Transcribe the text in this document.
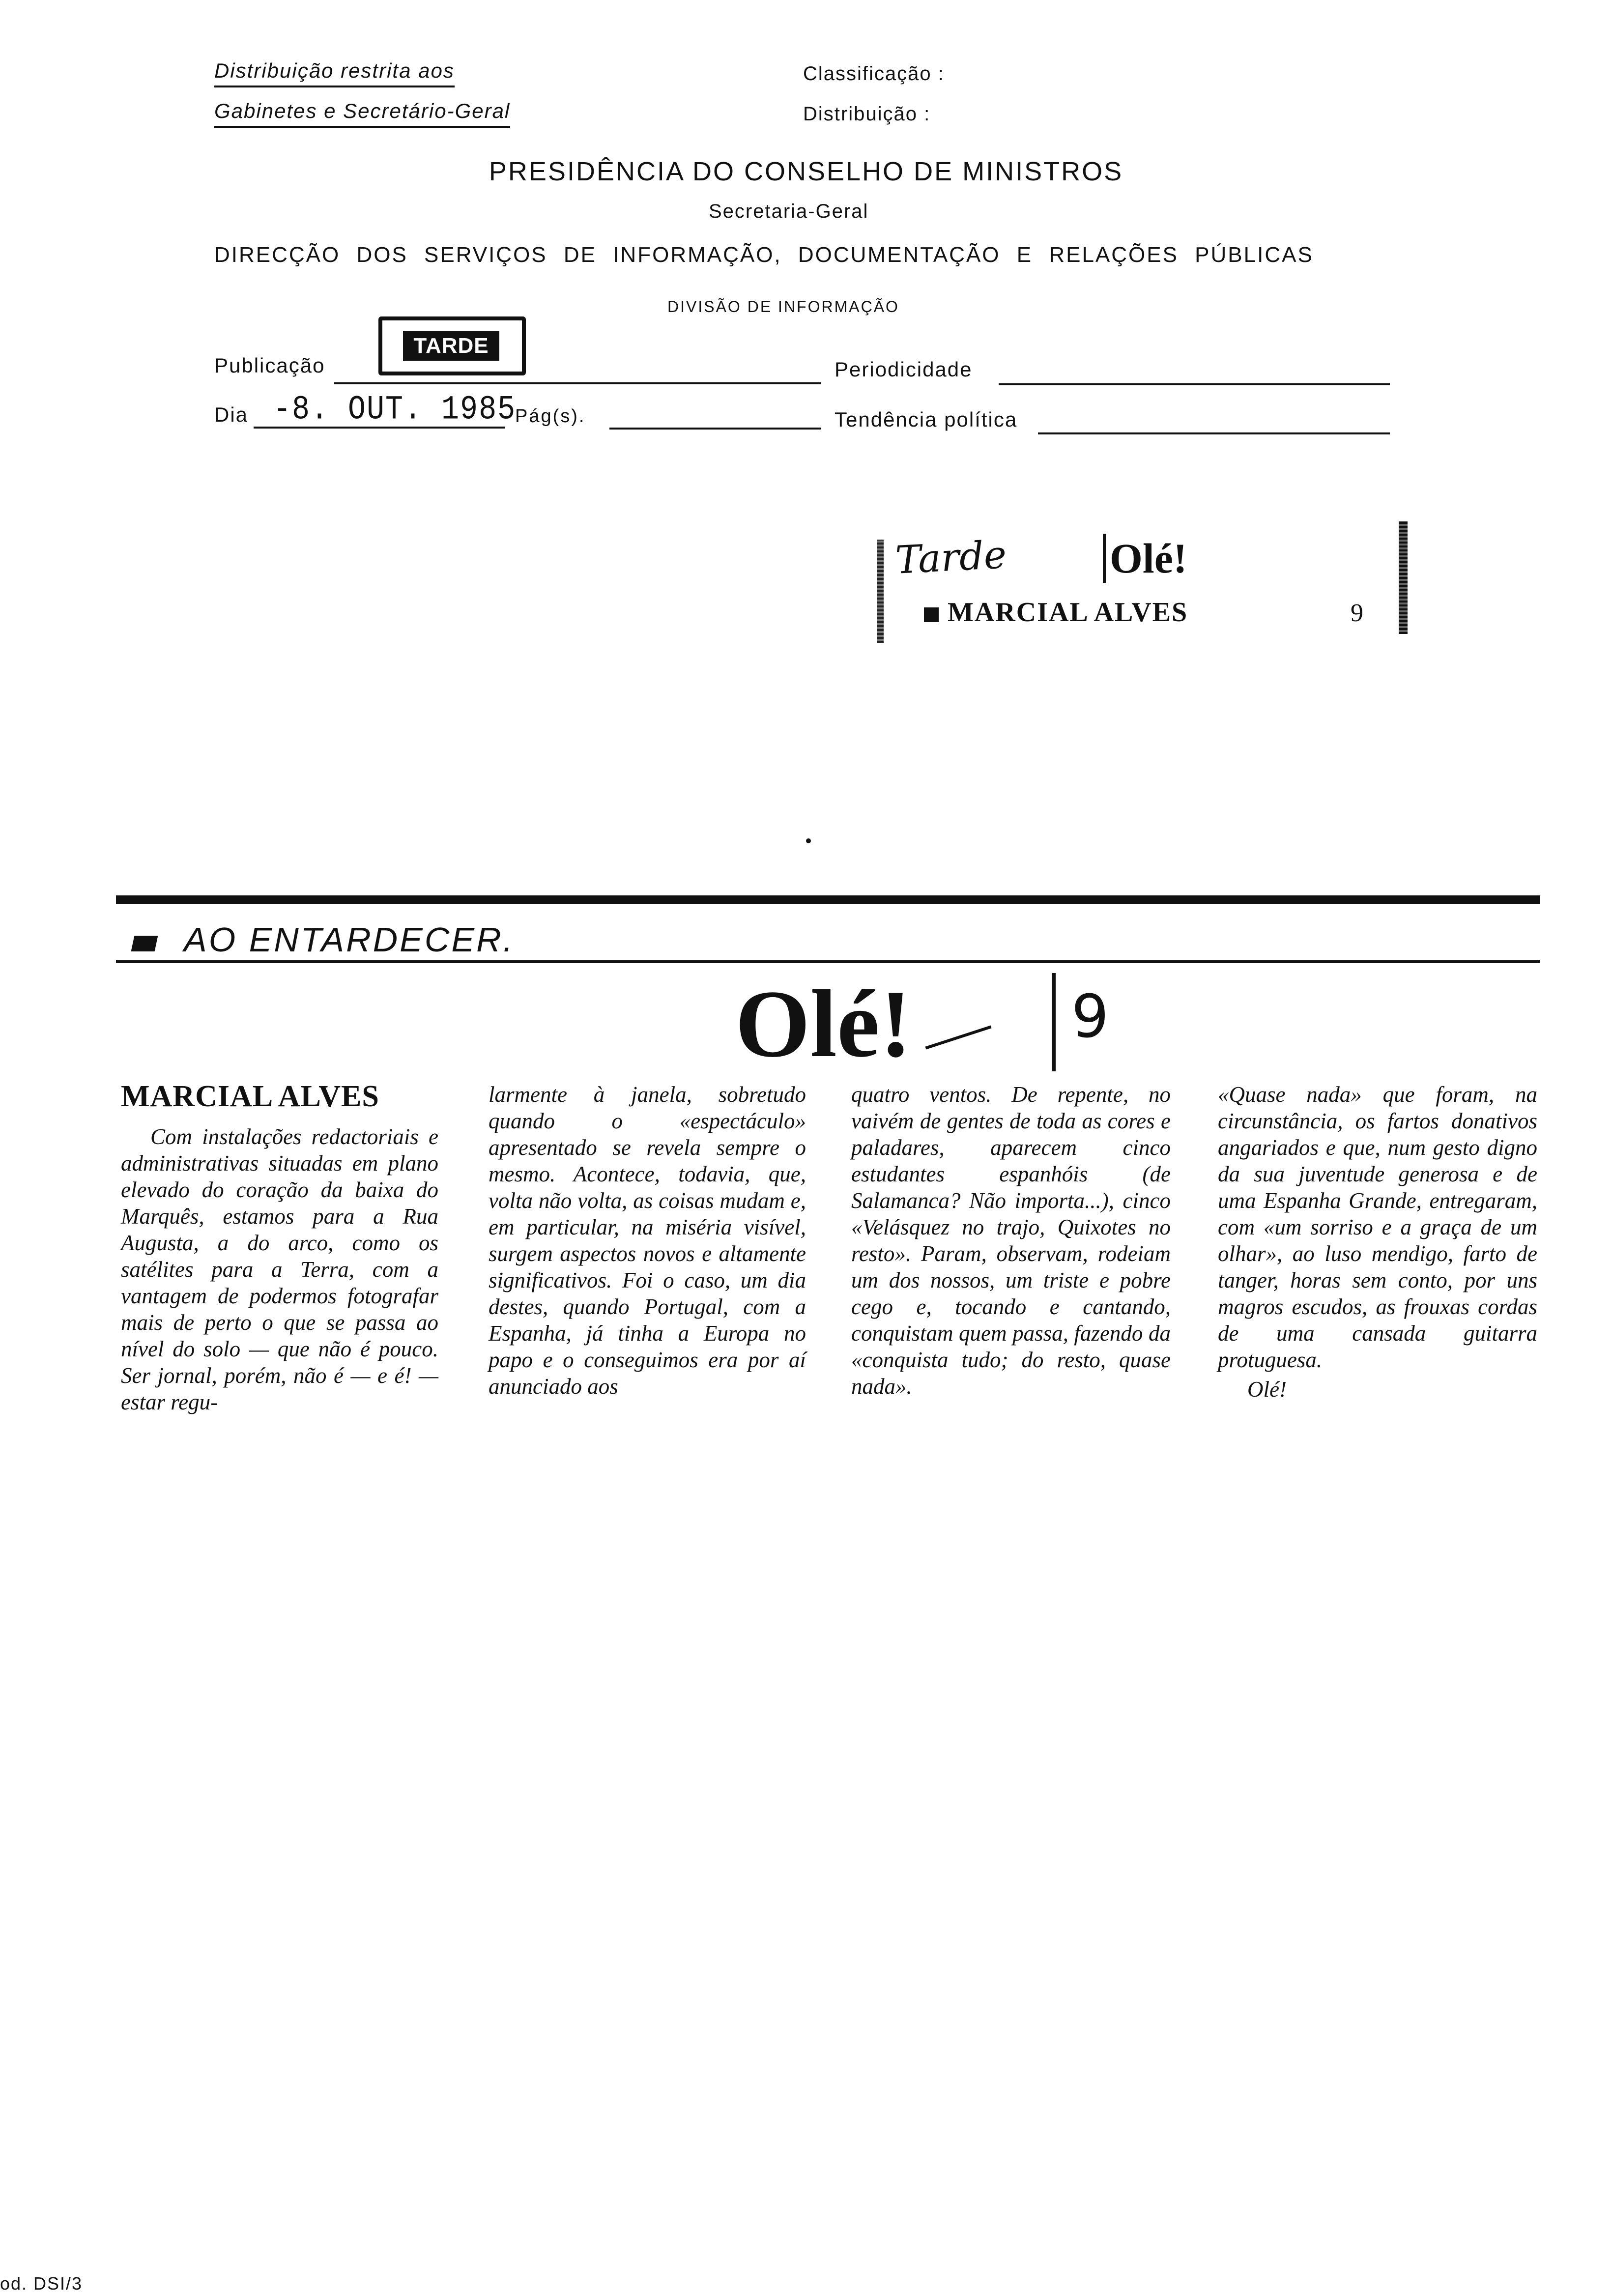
Distribuição restrita aos
Gabinetes e Secretário-Geral
Classificação :
Distribuição :
PRESIDÊNCIA DO CONSELHO DE MINISTROS
Secretaria-Geral
DIRECÇÃO DOS SERVIÇOS DE INFORMAÇÃO, DOCUMENTAÇÃO E RELAÇÕES PÚBLICAS
DIVISÃO DE INFORMAÇÃO
Publicação
TARDE
Periodicidade
Dia -8. OUT. 1985
Pág(s).	Tendência política
Tarde Olé!
MARCIAL ALVES	9
AO ENTARDECER.
Olé!	9
MARCIAL ALVES

Com instalações redactoriais e administrativas situadas em plano elevado do coração da baixa do Marquês, estamos para a Rua Augusta, a do arco, como os satélites para a Terra, com a vantagem de podermos fotografar mais de perto o que se passa ao nível do solo — que não é pouco. Ser jornal, porém, não é — e é! — estar regu-

larmente à janela, sobretudo quando o «espectáculo» apresentado se revela sempre o mesmo. Acontece, todavia, que, volta não volta, as coisas mudam e, em particular, na miséria visível, surgem aspectos novos e altamente significativos. Foi o caso, um dia destes, quando Portugal, com a Espanha, já tinha a Europa no papo e o conseguimos era por aí anunciado aos

quatro ventos. De repente, no vaivém de gentes de toda as cores e paladares, aparecem cinco estudantes espanhóis (de Salamanca? Não importa...), cinco «Velásquez no trajo, Quixotes no resto». Param, observam, rodeiam um dos nossos, um triste e pobre cego e, tocando e cantando, conquistam quem passa, fazendo da «conquista tudo; do resto, quase nada».

«Quase nada» que foram, na circunstância, os fartos donativos angariados e que, num gesto digno da sua juventude generosa e de uma Espanha Grande, entregaram, com «um sorriso e a graça de um olhar», ao luso mendigo, farto de tanger, horas sem conto, por uns magros escudos, as frouxas cordas de uma cansada guitarra protuguesa.

Olé!

od. DSI/3
